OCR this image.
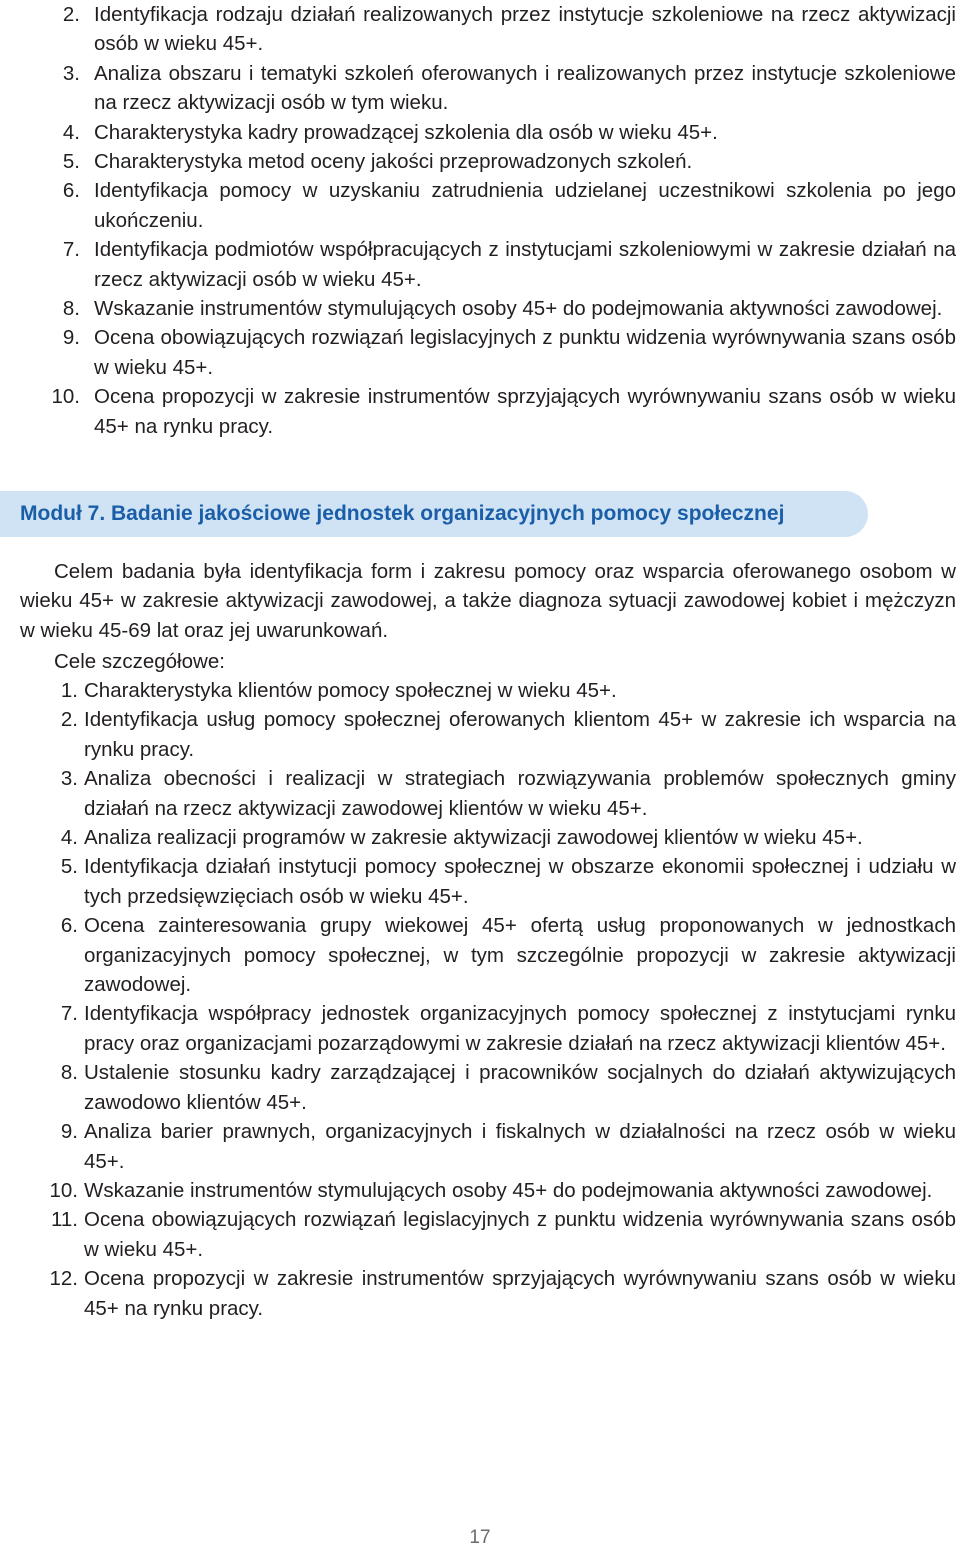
2. Identyfikacja rodzaju działań realizowanych przez instytucje szkoleniowe na rzecz aktywizacji osób w wieku 45+.
3. Analiza obszaru i tematyki szkoleń oferowanych i realizowanych przez instytucje szkoleniowe na rzecz aktywizacji osób w tym wieku.
4. Charakterystyka kadry prowadzącej szkolenia dla osób w wieku 45+.
5. Charakterystyka metod oceny jakości przeprowadzonych szkoleń.
6. Identyfikacja pomocy w uzyskaniu zatrudnienia udzielanej uczestnikowi szkolenia po jego ukończeniu.
7. Identyfikacja podmiotów współpracujących z instytucjami szkoleniowymi w zakresie działań na rzecz aktywizacji osób w wieku 45+.
8. Wskazanie instrumentów stymulujących osoby 45+ do podejmowania aktywności zawodowej.
9. Ocena obowiązujących rozwiązań legislacyjnych z punktu widzenia wyrównywania szans osób w wieku 45+.
10. Ocena propozycji w zakresie instrumentów sprzyjających wyrównywaniu szans osób w wieku 45+ na rynku pracy.
Moduł 7. Badanie jakościowe jednostek organizacyjnych pomocy społecznej

Celem badania była identyfikacja form i zakresu pomocy oraz wsparcia oferowanego osobom w wieku 45+ w zakresie aktywizacji zawodowej, a także diagnoza sytuacji zawodowej kobiet i mężczyzn w wieku 45-69 lat oraz jej uwarunkowań.

Cele szczegółowe:

1. Charakterystyka klientów pomocy społecznej w wieku 45+.
2. Identyfikacja usług pomocy społecznej oferowanych klientom 45+ w zakresie ich wsparcia na rynku pracy.
3. Analiza obecności i realizacji w strategiach rozwiązywania problemów społecznych gminy działań na rzecz aktywizacji zawodowej klientów w wieku 45+.
4. Analiza realizacji programów w zakresie aktywizacji zawodowej klientów w wieku 45+.
5. Identyfikacja działań instytucji pomocy społecznej w obszarze ekonomii społecznej i udziału w tych przedsięwzięciach osób w wieku 45+.
6. Ocena zainteresowania grupy wiekowej 45+ ofertą usług proponowanych w jednostkach organizacyjnych pomocy społecznej, w tym szczególnie propozycji w zakresie aktywizacji zawodowej.
7. Identyfikacja współpracy jednostek organizacyjnych pomocy społecznej z instytucjami rynku pracy oraz organizacjami pozarządowymi w zakresie działań na rzecz aktywizacji klientów 45+.
8. Ustalenie stosunku kadry zarządzającej i pracowników socjalnych do działań aktywizujących zawodowo klientów 45+.
9. Analiza barier prawnych, organizacyjnych i fiskalnych w działalności na rzecz osób w wieku 45+.
10. Wskazanie instrumentów stymulujących osoby 45+ do podejmowania aktywności zawodowej.
11. Ocena obowiązujących rozwiązań legislacyjnych z punktu widzenia wyrównywania szans osób w wieku 45+.
12. Ocena propozycji w zakresie instrumentów sprzyjających wyrównywaniu szans osób w wieku 45+ na rynku pracy.
17
